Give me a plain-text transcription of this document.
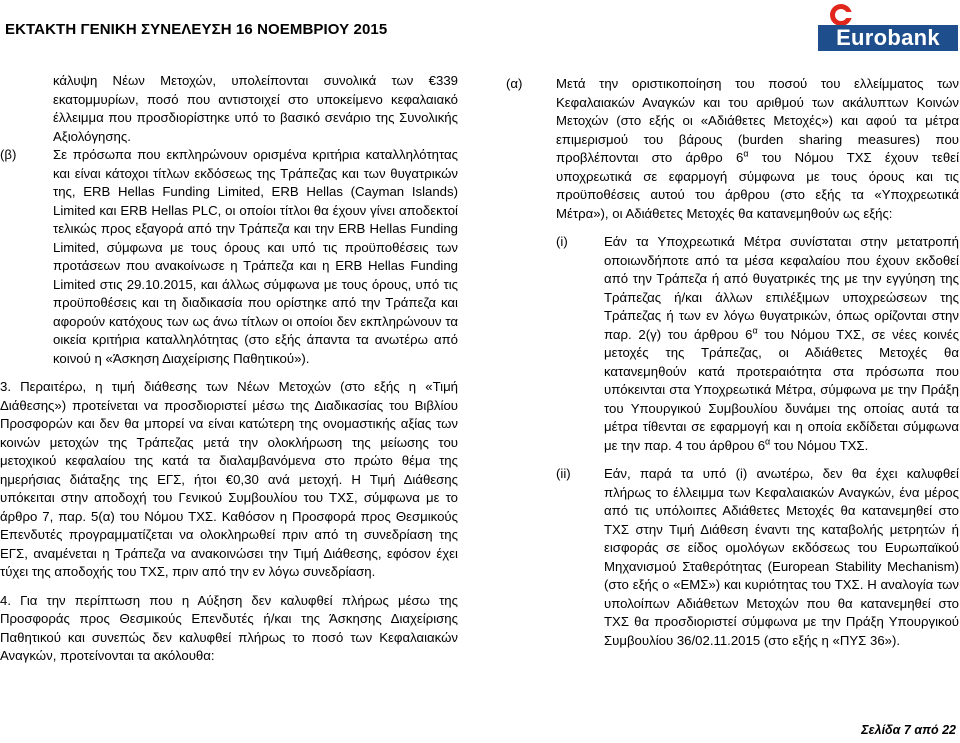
ΕΚΤΑΚΤΗ ΓΕΝΙΚΗ ΣΥΝΕΛΕΥΣΗ 16 ΝΟΕΜΒΡΙΟΥ 2015	Eurobank

κάλυψη Νέων Μετοχών, υπολείπονται συνολικά των €339 εκατομμυρίων, ποσό που αντιστοιχεί στο υποκείμενο κεφαλαιακό έλλειμμα που προσδιορίστηκε υπό το βασικό σενάριο της Συνολικής Αξιολόγησης.

(β)	Σε πρόσωπα που εκπληρώνουν ορισμένα κριτήρια καταλληλότητας και είναι κάτοχοι τίτλων εκδόσεως της Τράπεζας και των θυγατρικών της, ERB Hellas Funding Limited, ERB Hellas (Cayman Islands) Limited και ERB Hellas PLC, οι οποίοι τίτλοι θα έχουν γίνει αποδεκτοί τελικώς προς εξαγορά από την Τράπεζα και την ERB Hellas Funding Limited, σύμφωνα με τους όρους και υπό τις προϋποθέσεις των προτάσεων που ανακοίνωσε η Τράπεζα και η ERB Hellas Funding Limited στις 29.10.2015, και άλλως σύμφωνα με τους όρους, υπό τις προϋποθέσεις και τη διαδικασία που ορίστηκε από την Τράπεζα και αφορούν κατόχους των ως άνω τίτλων οι οποίοι δεν εκπληρώνουν τα οικεία κριτήρια καταλληλότητας (στο εξής άπαντα τα ανωτέρω από κοινού η «Άσκηση Διαχείρισης Παθητικού»).

3. Περαιτέρω, η τιμή διάθεσης των Νέων Μετοχών (στο εξής η «Τιμή Διάθεσης») προτείνεται να προσδιοριστεί μέσω της Διαδικασίας του Βιβλίου Προσφορών και δεν θα μπορεί να είναι κατώτερη της ονομαστικής αξίας των κοινών μετοχών της Τράπεζας μετά την ολοκλήρωση της μείωσης του μετοχικού κεφαλαίου της κατά τα διαλαμβανόμενα στο πρώτο θέμα της ημερήσιας διάταξης της ΕΓΣ, ήτοι €0,30 ανά μετοχή. Η Τιμή Διάθεσης υπόκειται στην αποδοχή του Γενικού Συμβουλίου του ΤΧΣ, σύμφωνα με το άρθρο 7, παρ. 5(α) του Νόμου ΤΧΣ. Καθόσον η Προσφορά προς Θεσμικούς Επενδυτές προγραμματίζεται να ολοκληρωθεί πριν από τη συνεδρίαση της ΕΓΣ, αναμένεται η Τράπεζα να ανακοινώσει την Τιμή Διάθεσης, εφόσον έχει τύχει της αποδοχής του ΤΧΣ, πριν από την εν λόγω συνεδρίαση.

4. Για την περίπτωση που η Αύξηση δεν καλυφθεί πλήρως μέσω της Προσφοράς προς Θεσμικούς Επενδυτές ή/και της Άσκησης Διαχείρισης Παθητικού και συνεπώς δεν καλυφθεί πλήρως το ποσό των Κεφαλαιακών Αναγκών, προτείνονται τα ακόλουθα:

(α)	Μετά την οριστικοποίηση του ποσού του ελλείμματος των Κεφαλαιακών Αναγκών και του αριθμού των ακάλυπτων Κοινών Μετοχών (στο εξής οι «Αδιάθετες Μετοχές») και αφού τα μέτρα επιμερισμού του βάρους (burden sharing measures) που προβλέπονται στο άρθρο $6^\alpha$ του Νόμου ΤΧΣ έχουν τεθεί υποχρεωτικά σε εφαρμογή σύμφωνα με τους όρους και τις προϋποθέσεις αυτού του άρθρου (στο εξής τα «Υποχρεωτικά Μέτρα»), οι Αδιάθετες Μετοχές θα κατανεμηθούν ως εξής:

(i)	Εάν τα Υποχρεωτικά Μέτρα συνίσταται στην μετατροπή οποιωνδήποτε από τα μέσα κεφαλαίου που έχουν εκδοθεί από την Τράπεζα ή από θυγατρικές της με την εγγύηση της Τράπεζας ή/και άλλων επιλέξιμων υποχρεώσεων της Τράπεζας ή των εν λόγω θυγατρικών, όπως ορίζονται στην παρ. 2(γ) του άρθρου $6^\alpha$ του Νόμου ΤΧΣ, σε νέες κοινές μετοχές της Τράπεζας, οι Αδιάθετες Μετοχές θα κατανεμηθούν κατά προτεραιότητα στα πρόσωπα που υπόκεινται στα Υποχρεωτικά Μέτρα, σύμφωνα με την Πράξη του Υπουργικού Συμβουλίου δυνάμει της οποίας αυτά τα μέτρα τίθενται σε εφαρμογή και η οποία εκδίδεται σύμφωνα με την παρ. 4 του άρθρου $6^\alpha$ του Νόμου ΤΧΣ.

(ii)	Εάν, παρά τα υπό (i) ανωτέρω, δεν θα έχει καλυφθεί πλήρως το έλλειμμα των Κεφαλαιακών Αναγκών, ένα μέρος από τις υπόλοιπες Αδιάθετες Μετοχές θα κατανεμηθεί στο ΤΧΣ στην Τιμή Διάθεση έναντι της καταβολής μετρητών ή εισφοράς σε είδος ομολόγων εκδόσεως του Ευρωπαϊκού Μηχανισμού Σταθερότητας (European Stability Mechanism) (στο εξής ο «ΕΜΣ») και κυριότητας του ΤΧΣ. Η αναλογία των υπολοίπων Αδιάθετων Μετοχών που θα κατανεμηθεί στο ΤΧΣ θα προσδιοριστεί σύμφωνα με την Πράξη Υπουργικού Συμβουλίου 36/02.11.2015 (στο εξής η «ΠΥΣ 36»).

Σελίδα 7 από 22
